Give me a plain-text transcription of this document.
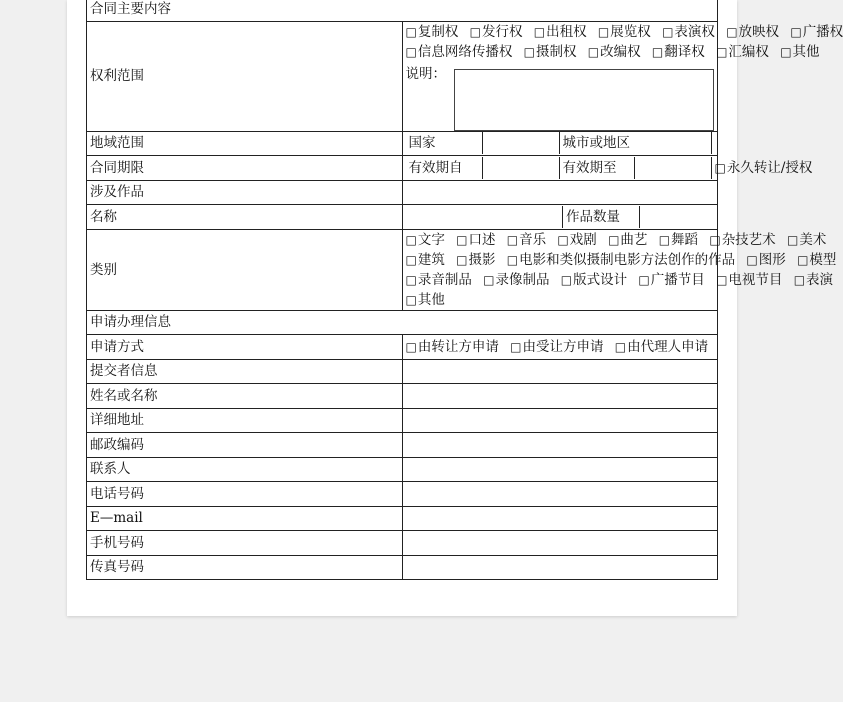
合同主要内容
权利范围	
□ 复制权 □ 发行权 □ 出租权 □ 展览权 □ 表演权 □ 放映权 □ 广播权
□ 信息网络传播权 □ 摄制权 □ 改编权 □ 翻译权 □ 汇编权 □ 其他
说明：

地域范围		国家		城市或地区	

合同期限		有效期自		有效期至		□永久转让/授权

涉及作品	
名称	
		作品数量	

类别	
□ 文字 □ 口述 □ 音乐 □ 戏剧 □ 曲艺 □ 舞蹈 □ 杂技艺术 □ 美术
□ 建筑 □ 摄影 □ 电影和类似摄制电影方法创作的作品 □ 图形 □ 模型
□ 录音制品 □ 录像制品 □ 版式设计 □ 广播节目 □ 电视节目 □ 表演
□ 其他

申请办理信息
申请方式	□由转让方申请 □ 由受让方申请 □ 由代理人申请
提交者信息	
姓名或名称	
详细地址	
邮政编码	
联系人	
电话号码	
E—mail	
手机号码	
传真号码	
